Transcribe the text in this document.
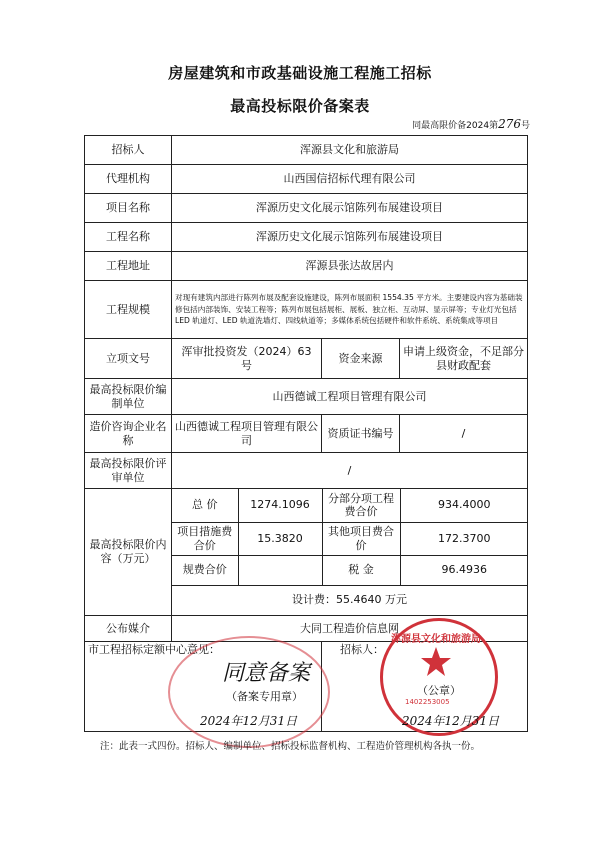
房屋建筑和市政基础设施工程施工招标
最高投标限价备案表
同最高限价备2024第276号
招标人	浑源县文化和旅游局
代理机构	山西国信招标代理有限公司
项目名称	浑源历史文化展示馆陈列布展建设项目
工程名称	浑源历史文化展示馆陈列布展建设项目
工程地址	浑源县张达故居内
工程规模	对现有建筑内部进行陈列布展及配套设施建设，陈列布展面积 1554.35 平方米。主要建设内容为基础装修包括内部装饰、安装工程等；陈列布展包括展柜、展板、独立柜、互动屏、显示屏等；专业灯光包括 LED 轨道灯、LED 轨道洗墙灯、四线轨道等；多媒体系统包括硬件和软件系统、系统集成等项目
立项文号	浑审批投资发（2024）63 号	资金来源	申请上级资金，不足部分县财政配套
最高投标限价编制单位	山西德诚工程项目管理有限公司
造价咨询企业名称	山西德诚工程项目管理有限公司	资质证书编号	/
最高投标限价评审单位	/
最高投标限价内容（万元）	
总 价	1274.1096	分部分项工程费合价	934.4000
项目措施费合价	15.3820	其他项目费合价	172.3700
规费合价		税 金	96.4936
设计费：55.4640 万元

公布媒介	大同工程造价信息网
市工程招标定额中心意见：	招标人：
同意备案
（备案专用章）
2024年12月31日
浑源县文化和旅游局
（公章）
1402253005
2024年12月31日
注：此表一式四份。招标人、编制单位、招标投标监督机构、工程造价管理机构各执一份。
